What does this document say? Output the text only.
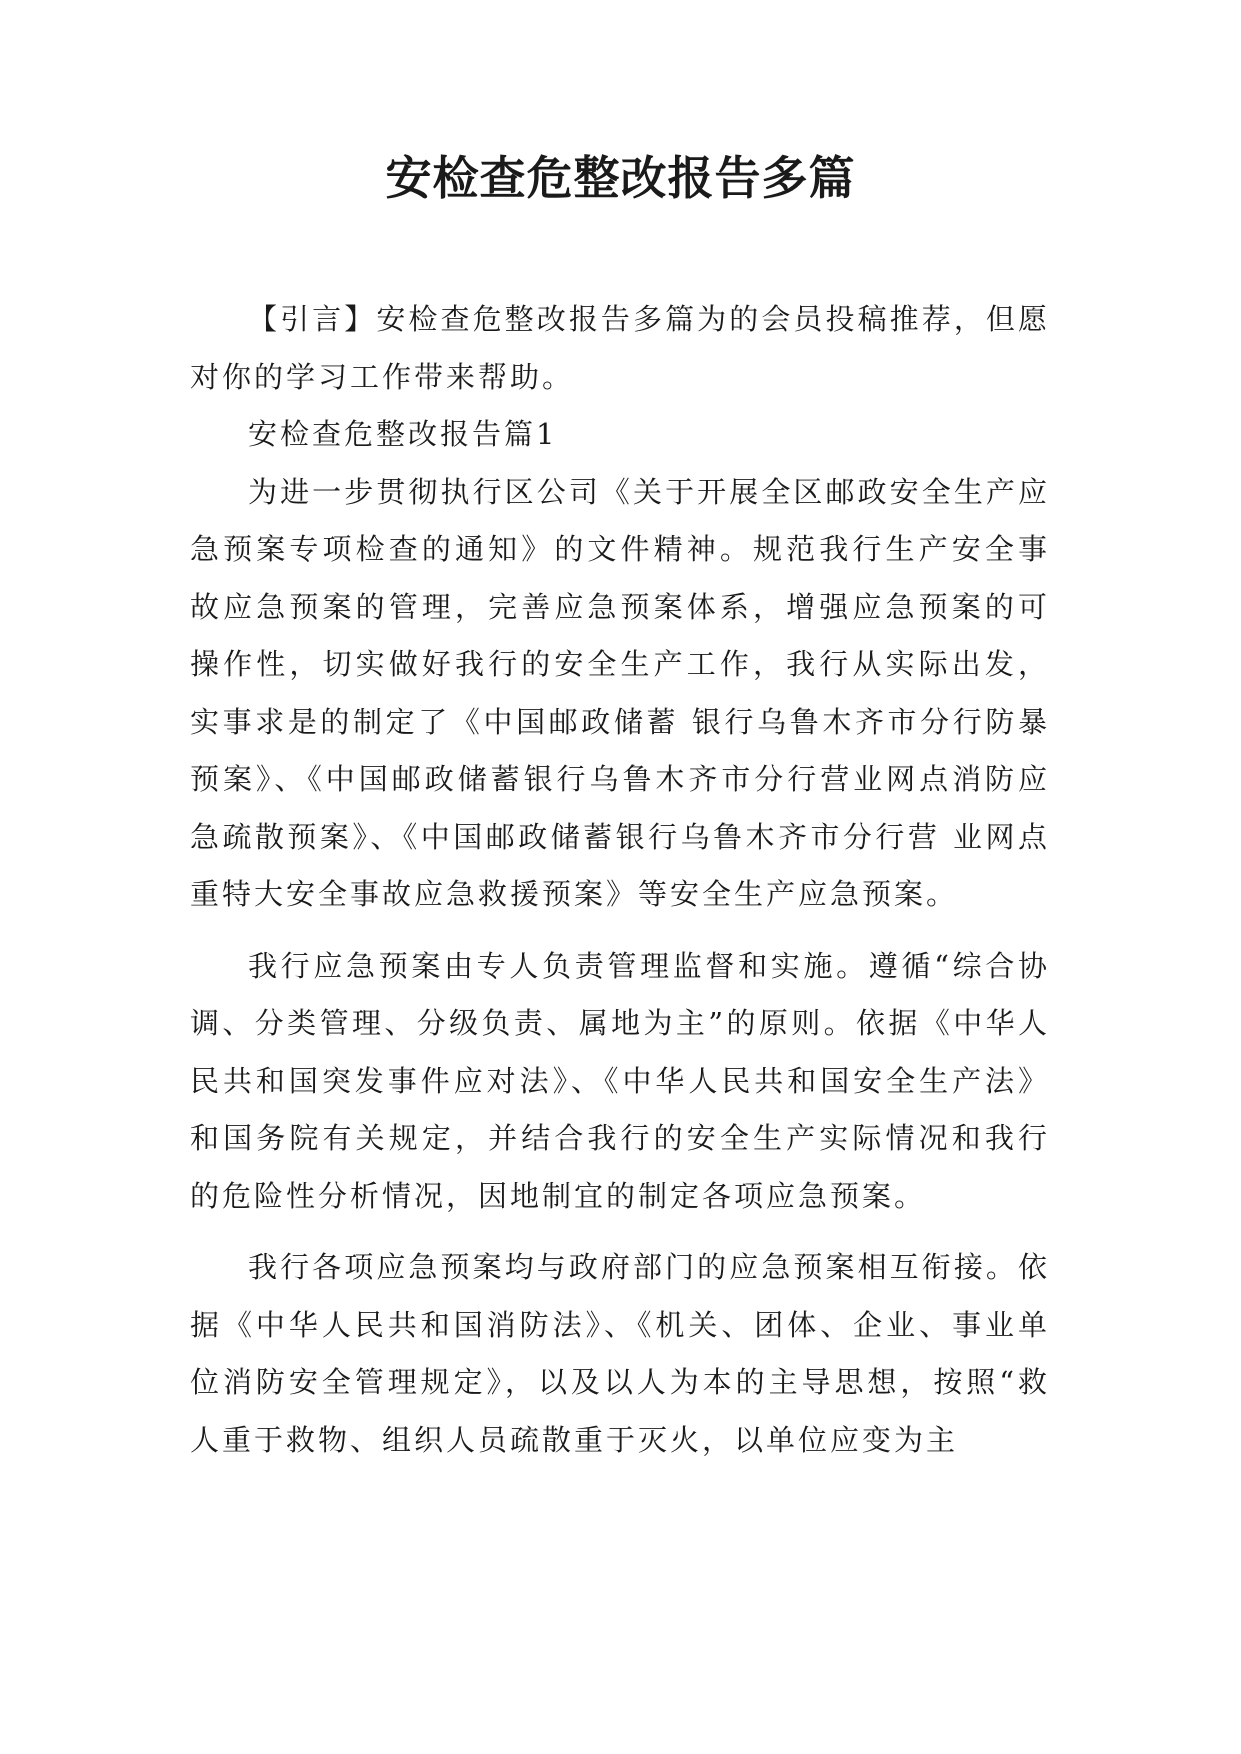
安检查危整改报告多篇

【引言】安检查危整改报告多篇为的会员投稿推荐，但愿对你的学习工作带来帮助。

安检查危整改报告篇1

为进一步贯彻执行区公司《关于开展全区邮政安全生产应急预案专项检查的通知》的文件精神。规范我行生产安全事故应急预案的管理，完善应急预案体系，增强应急预案的可操作性，切实做好我行的安全生产工作，我行从实际出发，实事求是的制定了《中国邮政储蓄 银行乌鲁木齐市分行防暴预案》、《中国邮政储蓄银行乌鲁木齐市分行营业网点消防应急疏散预案》、《中国邮政储蓄银行乌鲁木齐市分行营 业网点重特大安全事故应急救援预案》等安全生产应急预案。

我行应急预案由专人负责管理监督和实施。遵循“综合协调、分类管理、分级负责、属地为主”的原则。依据《中华人民共和国突发事件应对法》、《中华人民共和国安全生产法》和国务院有关规定，并结合我行的安全生产实际情况和我行的危险性分析情况，因地制宜的制定各项应急预案。

我行各项应急预案均与政府部门的应急预案相互衔接。依据《中华人民共和国消防法》、《机关、团体、企业、事业单位消防安全管理规定》，以及以人为本的主导思想，按照“救人重于救物、组织人员疏散重于灭火，以单位应变为主
